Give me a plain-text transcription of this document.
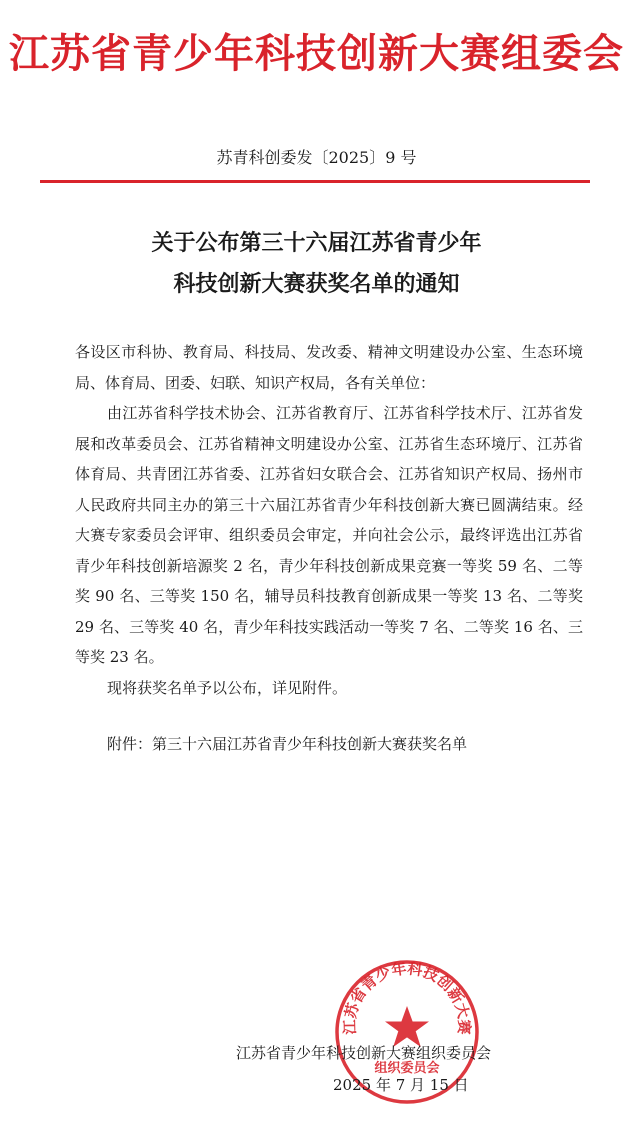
江苏省青少年科技创新大赛组委会
苏青科创委发〔2025〕9 号
关于公布第三十六届江苏省青少年
科技创新大赛获奖名单的通知

各设区市科协、教育局、科技局、发改委、精神文明建设办公室、生态环境局、体育局、团委、妇联、知识产权局，各有关单位：

由江苏省科学技术协会、江苏省教育厅、江苏省科学技术厅、江苏省发展和改革委员会、江苏省精神文明建设办公室、江苏省生态环境厅、江苏省体育局、共青团江苏省委、江苏省妇女联合会、江苏省知识产权局、扬州市人民政府共同主办的第三十六届江苏省青少年科技创新大赛已圆满结束。经大赛专家委员会评审、组织委员会审定，并向社会公示，最终评选出江苏省青少年科技创新培源奖 2 名，青少年科技创新成果竞赛一等奖 59 名、二等奖 90 名、三等奖 150 名，辅导员科技教育创新成果一等奖 13 名、二等奖 29 名、三等奖 40 名，青少年科技实践活动一等奖 7 名、二等奖 16 名、三等奖 23 名。

现将获奖名单予以公布，详见附件。

附件：第三十六届江苏省青少年科技创新大赛获奖名单

江苏省青少年科技创新大赛
组织委员会
江苏省青少年科技创新大赛组织委员会
2025 年 7 月 15 日
